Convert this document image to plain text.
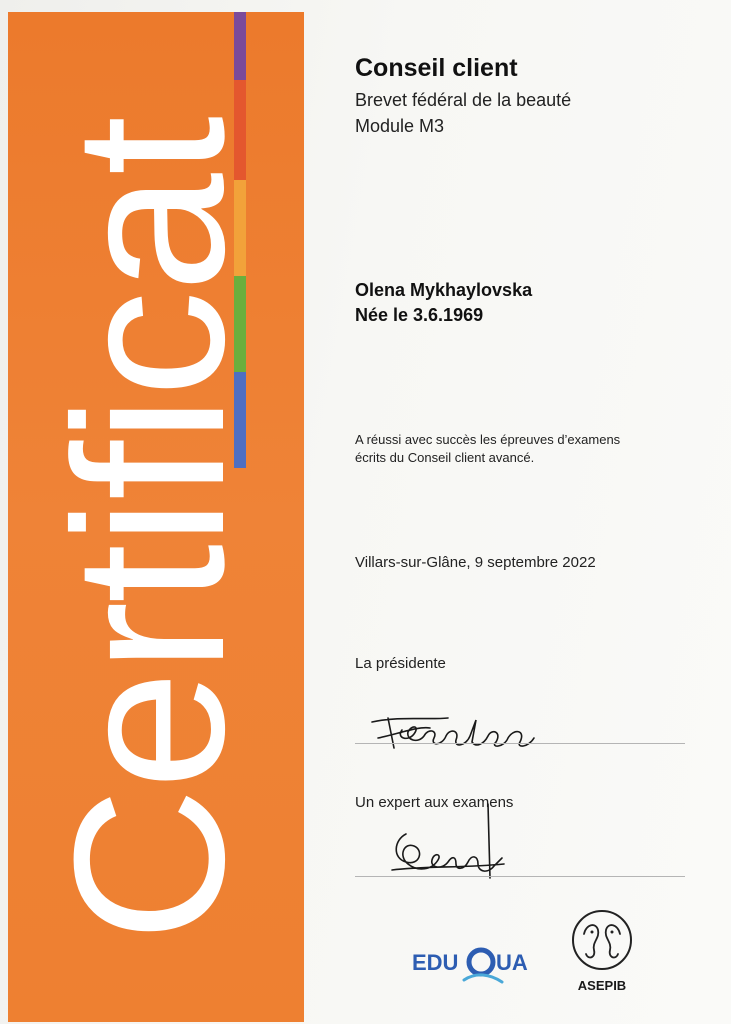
Certificat
Conseil client
Brevet fédéral de la beauté
Module M3
Olena Mykhaylovska
Née le 3.6.1969
A réussi avec succès les épreuves d’examens
écrits du Conseil client avancé.
Villars-sur-Glâne, 9 septembre 2022
La présidente
Un expert aux examens
EDU UA
ASEPIB
